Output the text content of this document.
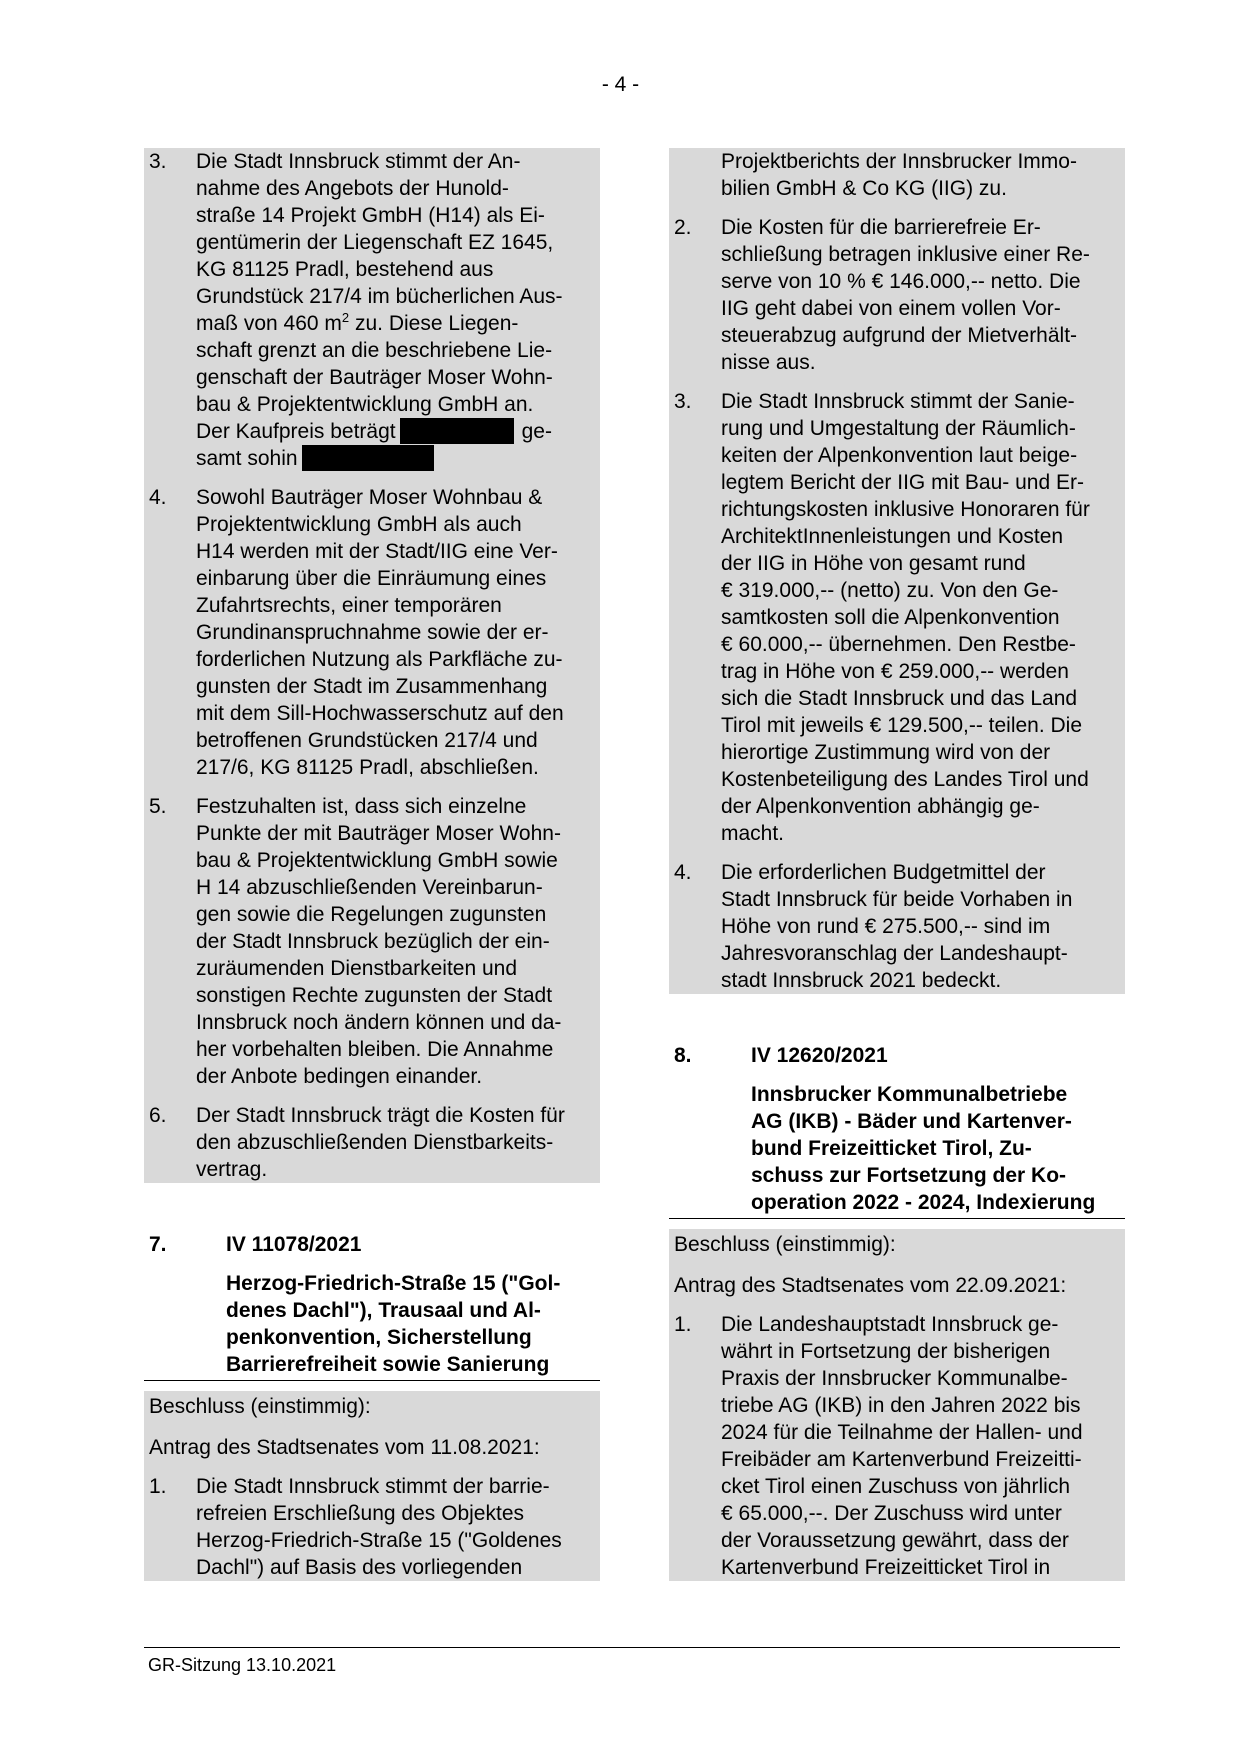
- 4 -
3.	Die Stadt Innsbruck stimmt der An-
nahme des Angebots der Hunold-
straße 14 Projekt GmbH (H14) als Ei-
gentümerin der Liegenschaft EZ 1645,
KG 81125 Pradl, bestehend aus
Grundstück 217/4 im bücherlichen Aus-
maß von 460 $m^2$ zu. Diese Liegen-
schaft grenzt an die beschriebene Lie-
genschaft der Bauträger Moser Wohn-
bau & Projektentwicklung GmbH an.
Der Kaufpreis beträgt	ge-
samt sohin
4.	Sowohl Bauträger Moser Wohnbau &
Projektentwicklung GmbH als auch
H14 werden mit der Stadt/IIG eine Ver-
einbarung über die Einräumung eines
Zufahrtsrechts, einer temporären
Grundinanspruchnahme sowie der er-
forderlichen Nutzung als Parkfläche zu-
gunsten der Stadt im Zusammenhang
mit dem Sill-Hochwasserschutz auf den
betroffenen Grundstücken 217/4 und
217/6, KG 81125 Pradl, abschließen.
5.	Festzuhalten ist, dass sich einzelne
Punkte der mit Bauträger Moser Wohn-
bau & Projektentwicklung GmbH sowie
H 14 abzuschließenden Vereinbarun-
gen sowie die Regelungen zugunsten
der Stadt Innsbruck bezüglich der ein-
zuräumenden Dienstbarkeiten und
sonstigen Rechte zugunsten der Stadt
Innsbruck noch ändern können und da-
her vorbehalten bleiben. Die Annahme
der Anbote bedingen einander.
6.	Der Stadt Innsbruck trägt die Kosten für
den abzuschließenden Dienstbarkeits-
vertrag.
7.	IV 11078/2021
Herzog-Friedrich-Straße 15 ("Gol-
denes Dachl"), Trausaal und Al-
penkonvention, Sicherstellung
Barrierefreiheit sowie Sanierung
Beschluss (einstimmig):
Antrag des Stadtsenates vom 11.08.2021:
1.	Die Stadt Innsbruck stimmt der barrie-
refreien Erschließung des Objektes
Herzog-Friedrich-Straße 15 ("Goldenes
Dachl") auf Basis des vorliegenden
Projektberichts der Innsbrucker Immo-
bilien GmbH & Co KG (IIG) zu.
2.	Die Kosten für die barrierefreie Er-
schließung betragen inklusive einer Re-
serve von 10 % € 146.000,-- netto. Die
IIG geht dabei von einem vollen Vor-
steuerabzug aufgrund der Mietverhält-
nisse aus.
3.	Die Stadt Innsbruck stimmt der Sanie-
rung und Umgestaltung der Räumlich-
keiten der Alpenkonvention laut beige-
legtem Bericht der IIG mit Bau- und Er-
richtungskosten inklusive Honoraren für
ArchitektInnenleistungen und Kosten
der IIG in Höhe von gesamt rund
€ 319.000,-- (netto) zu. Von den Ge-
samtkosten soll die Alpenkonvention
€ 60.000,-- übernehmen. Den Restbe-
trag in Höhe von € 259.000,-- werden
sich die Stadt Innsbruck und das Land
Tirol mit jeweils € 129.500,-- teilen. Die
hierortige Zustimmung wird von der
Kostenbeteiligung des Landes Tirol und
der Alpenkonvention abhängig ge-
macht.
4.	Die erforderlichen Budgetmittel der
Stadt Innsbruck für beide Vorhaben in
Höhe von rund € 275.500,-- sind im
Jahresvoranschlag der Landeshaupt-
stadt Innsbruck 2021 bedeckt.
8.	IV 12620/2021
Innsbrucker Kommunalbetriebe
AG (IKB) - Bäder und Kartenver-
bund Freizeitticket Tirol, Zu-
schuss zur Fortsetzung der Ko-
operation 2022 - 2024, Indexierung
Beschluss (einstimmig):
Antrag des Stadtsenates vom 22.09.2021:
1.	Die Landeshauptstadt Innsbruck ge-
währt in Fortsetzung der bisherigen
Praxis der Innsbrucker Kommunalbe-
triebe AG (IKB) in den Jahren 2022 bis
2024 für die Teilnahme der Hallen- und
Freibäder am Kartenverbund Freizeitti-
cket Tirol einen Zuschuss von jährlich
€ 65.000,--. Der Zuschuss wird unter
der Voraussetzung gewährt, dass der
Kartenverbund Freizeitticket Tirol in
GR-Sitzung 13.10.2021
